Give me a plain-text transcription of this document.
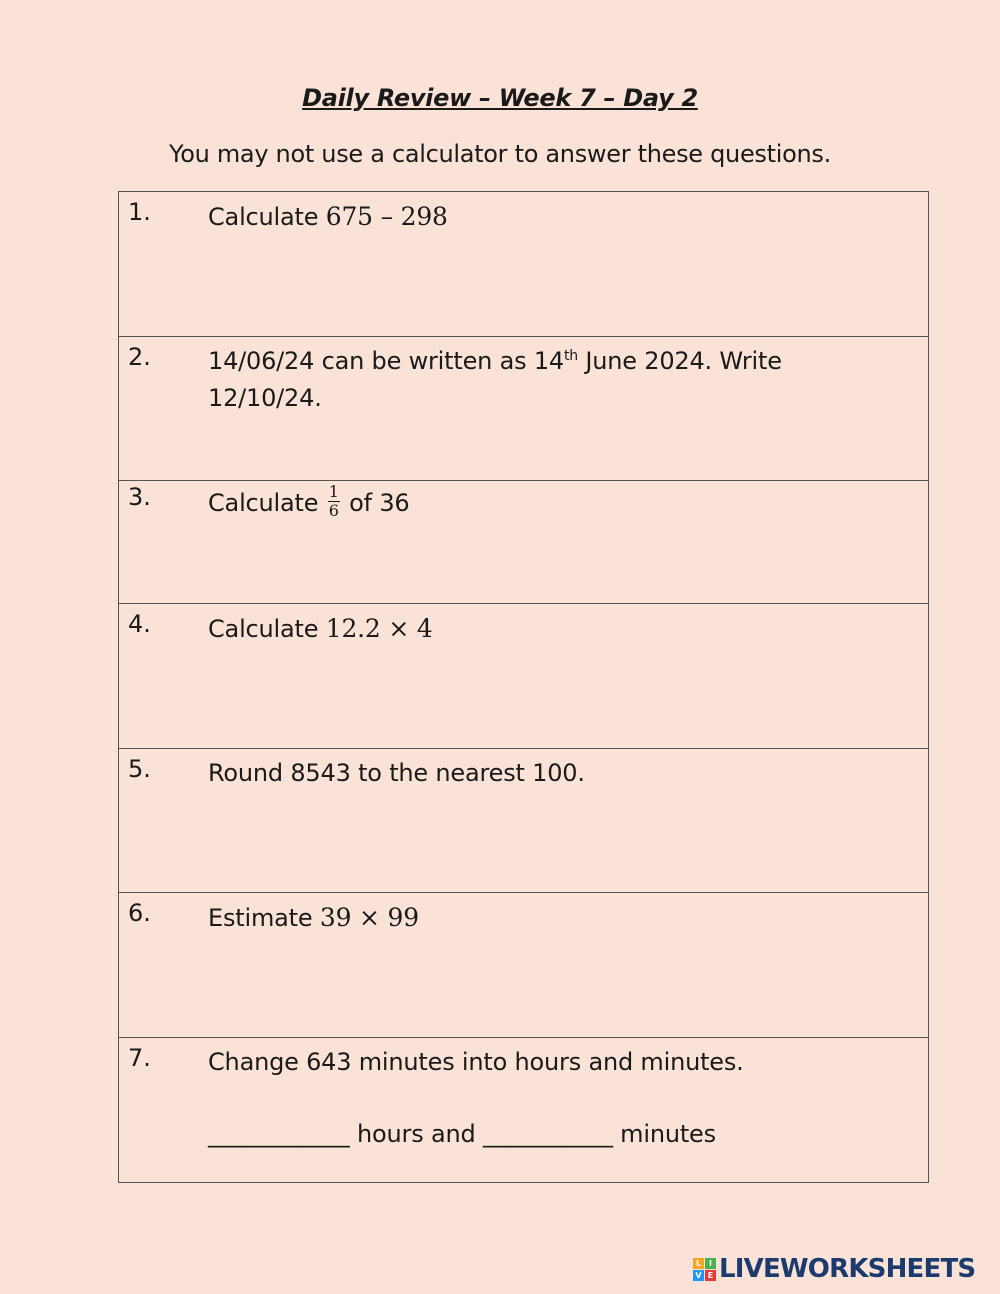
Daily Review – Week 7 – Day 2
You may not use a calculator to answer these questions.
1. Calculate 675 – 298
2. 14/06/24 can be written as 14th June 2024. Write
12/10/24.
3. Calculate $\frac{1}{6}$ of 36
4. Calculate 12.2 × 4
5. Round 8543 to the nearest 100.
6. Estimate 39 × 99
7. Change 643 minutes into hours and minutes.
____________ hours and ___________ minutes
L I
V E LIVEWORKSHEETS
